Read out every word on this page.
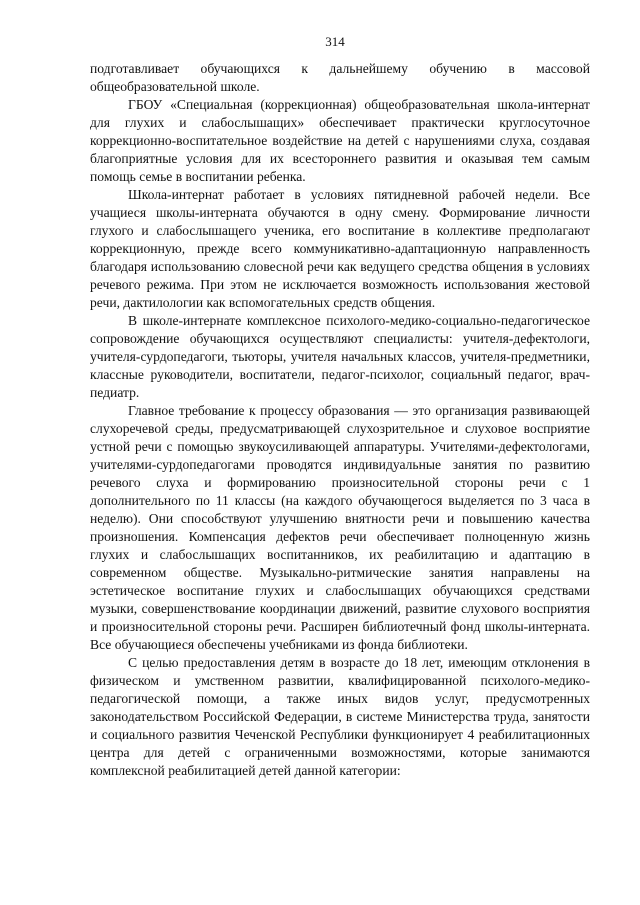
314

подготавливает обучающихся к дальнейшему обучению в массовой общеобразовательной школе.

ГБОУ «Специальная (коррекционная) общеобразовательная школа-интернат для глухих и слабослышащих» обеспечивает практически круглосуточное коррекционно-воспитательное воздействие на детей с нарушениями слуха, создавая благоприятные условия для их всестороннего развития и оказывая тем самым помощь семье в воспитании ребенка.

Школа-интернат работает в условиях пятидневной рабочей недели. Все учащиеся школы-интерната обучаются в одну смену. Формирование личности глухого и слабослышащего ученика, его воспитание в коллективе предполагают коррекционную, прежде всего коммуникативно-адаптационную направленность благодаря использованию словесной речи как ведущего средства общения в условиях речевого режима. При этом не исключается возможность использования жестовой речи, дактилологии как вспомогательных средств общения.

В школе-интернате комплексное психолого-медико-социально-педагогическое сопровождение обучающихся осуществляют специалисты: учителя-дефектологи, учителя-сурдопедагоги, тьюторы, учителя начальных классов, учителя-предметники, классные руководители, воспитатели, педагог-психолог, социальный педагог, врач-педиатр.

Главное требование к процессу образования — это организация развивающей слухоречевой среды, предусматривающей слухозрительное и слуховое восприятие устной речи с помощью звукоусиливающей аппаратуры. Учителями-дефектологами, учителями-сурдопедагогами проводятся индивидуальные занятия по развитию речевого слуха и формированию произносительной стороны речи с 1 дополнительного по 11 классы (на каждого обучающегося выделяется по 3 часа в неделю). Они способствуют улучшению внятности речи и повышению качества произношения. Компенсация дефектов речи обеспечивает полноценную жизнь глухих и слабослышащих воспитанников, их реабилитацию и адаптацию в современном обществе. Музыкально-ритмические занятия направлены на эстетическое воспитание глухих и слабослышащих обучающихся средствами музыки, совершенствование координации движений, развитие слухового восприятия и произносительной стороны речи. Расширен библиотечный фонд школы-интерната. Все обучающиеся обеспечены учебниками из фонда библиотеки.

С целью предоставления детям в возрасте до 18 лет, имеющим отклонения в физическом и умственном развитии, квалифицированной психолого-медико-педагогической помощи, а также иных видов услуг, предусмотренных законодательством Российской Федерации, в системе Министерства труда, занятости и социального развития Чеченской Республики функционирует 4 реабилитационных центра для детей с ограниченными возможностями, которые занимаются комплексной реабилитацией детей данной категории:
